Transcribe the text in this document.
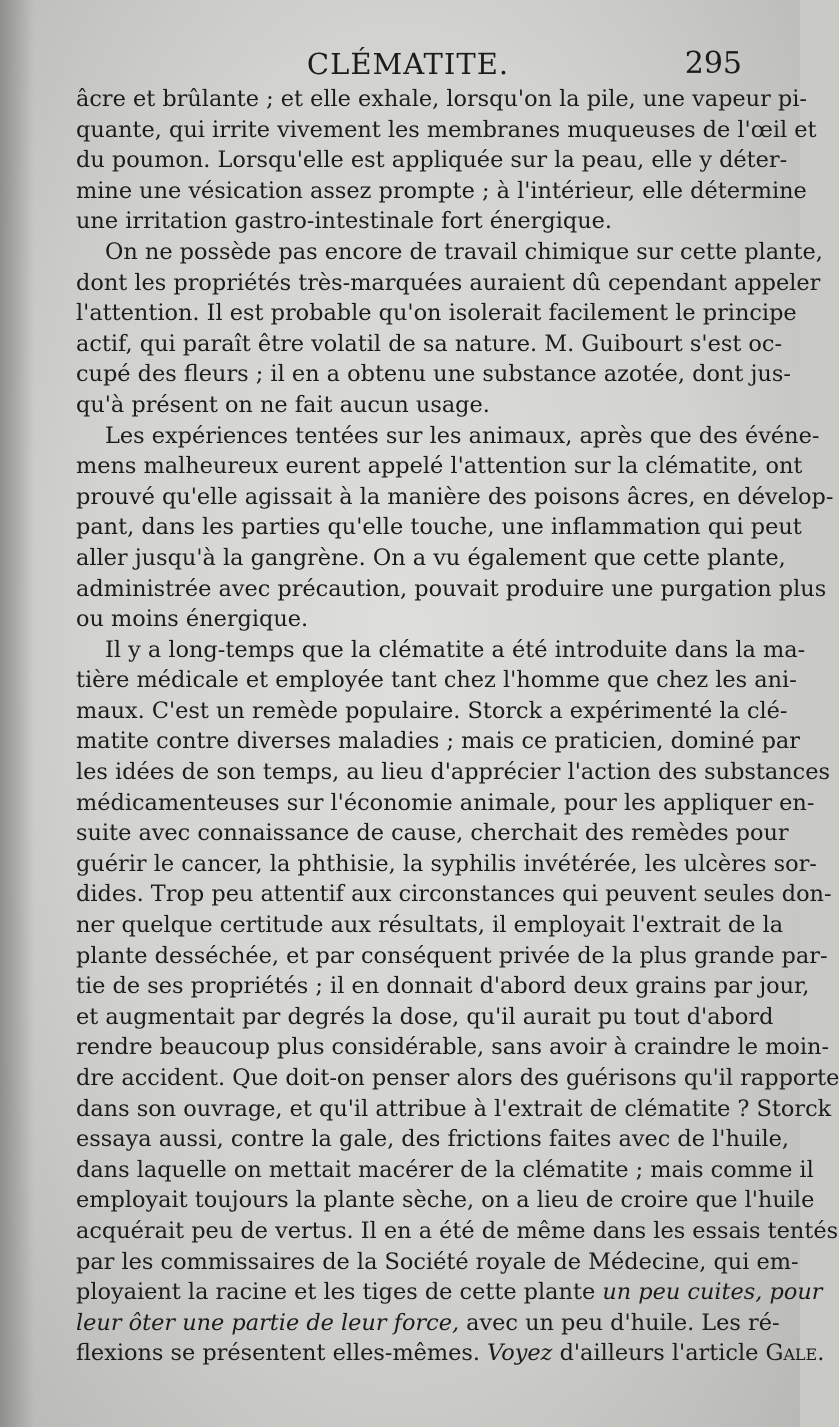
CLÉMATITE.	295
âcre et brûlante ; et elle exhale, lorsqu'on la pile, une vapeur pi-
quante, qui irrite vivement les membranes muqueuses de l'œil et
du poumon. Lorsqu'elle est appliquée sur la peau, elle y déter-
mine une vésication assez prompte ; à l'intérieur, elle détermine
une irritation gastro-intestinale fort énergique.
On ne possède pas encore de travail chimique sur cette plante,
dont les propriétés très-marquées auraient dû cependant appeler
l'attention. Il est probable qu'on isolerait facilement le principe
actif, qui paraît être volatil de sa nature. M. Guibourt s'est oc-
cupé des fleurs ; il en a obtenu une substance azotée, dont jus-
qu'à présent on ne fait aucun usage.
Les expériences tentées sur les animaux, après que des événe-
mens malheureux eurent appelé l'attention sur la clématite, ont
prouvé qu'elle agissait à la manière des poisons âcres, en dévelop-
pant, dans les parties qu'elle touche, une inflammation qui peut
aller jusqu'à la gangrène. On a vu également que cette plante,
administrée avec précaution, pouvait produire une purgation plus
ou moins énergique.
Il y a long-temps que la clématite a été introduite dans la ma-
tière médicale et employée tant chez l'homme que chez les ani-
maux. C'est un remède populaire. Storck a expérimenté la clé-
matite contre diverses maladies ; mais ce praticien, dominé par
les idées de son temps, au lieu d'apprécier l'action des substances
médicamenteuses sur l'économie animale, pour les appliquer en-
suite avec connaissance de cause, cherchait des remèdes pour
guérir le cancer, la phthisie, la syphilis invétérée, les ulcères sor-
dides. Trop peu attentif aux circonstances qui peuvent seules don-
ner quelque certitude aux résultats, il employait l'extrait de la
plante desséchée, et par conséquent privée de la plus grande par-
tie de ses propriétés ; il en donnait d'abord deux grains par jour,
et augmentait par degrés la dose, qu'il aurait pu tout d'abord
rendre beaucoup plus considérable, sans avoir à craindre le moin-
dre accident. Que doit-on penser alors des guérisons qu'il rapporte
dans son ouvrage, et qu'il attribue à l'extrait de clématite ? Storck
essaya aussi, contre la gale, des frictions faites avec de l'huile,
dans laquelle on mettait macérer de la clématite ; mais comme il
employait toujours la plante sèche, on a lieu de croire que l'huile
acquérait peu de vertus. Il en a été de même dans les essais tentés
par les commissaires de la Société royale de Médecine, qui em-
ployaient la racine et les tiges de cette plante un peu cuites, pour
leur ôter une partie de leur force, avec un peu d'huile. Les ré-
flexions se présentent elles-mêmes. Voyez d'ailleurs l'article Gale.
